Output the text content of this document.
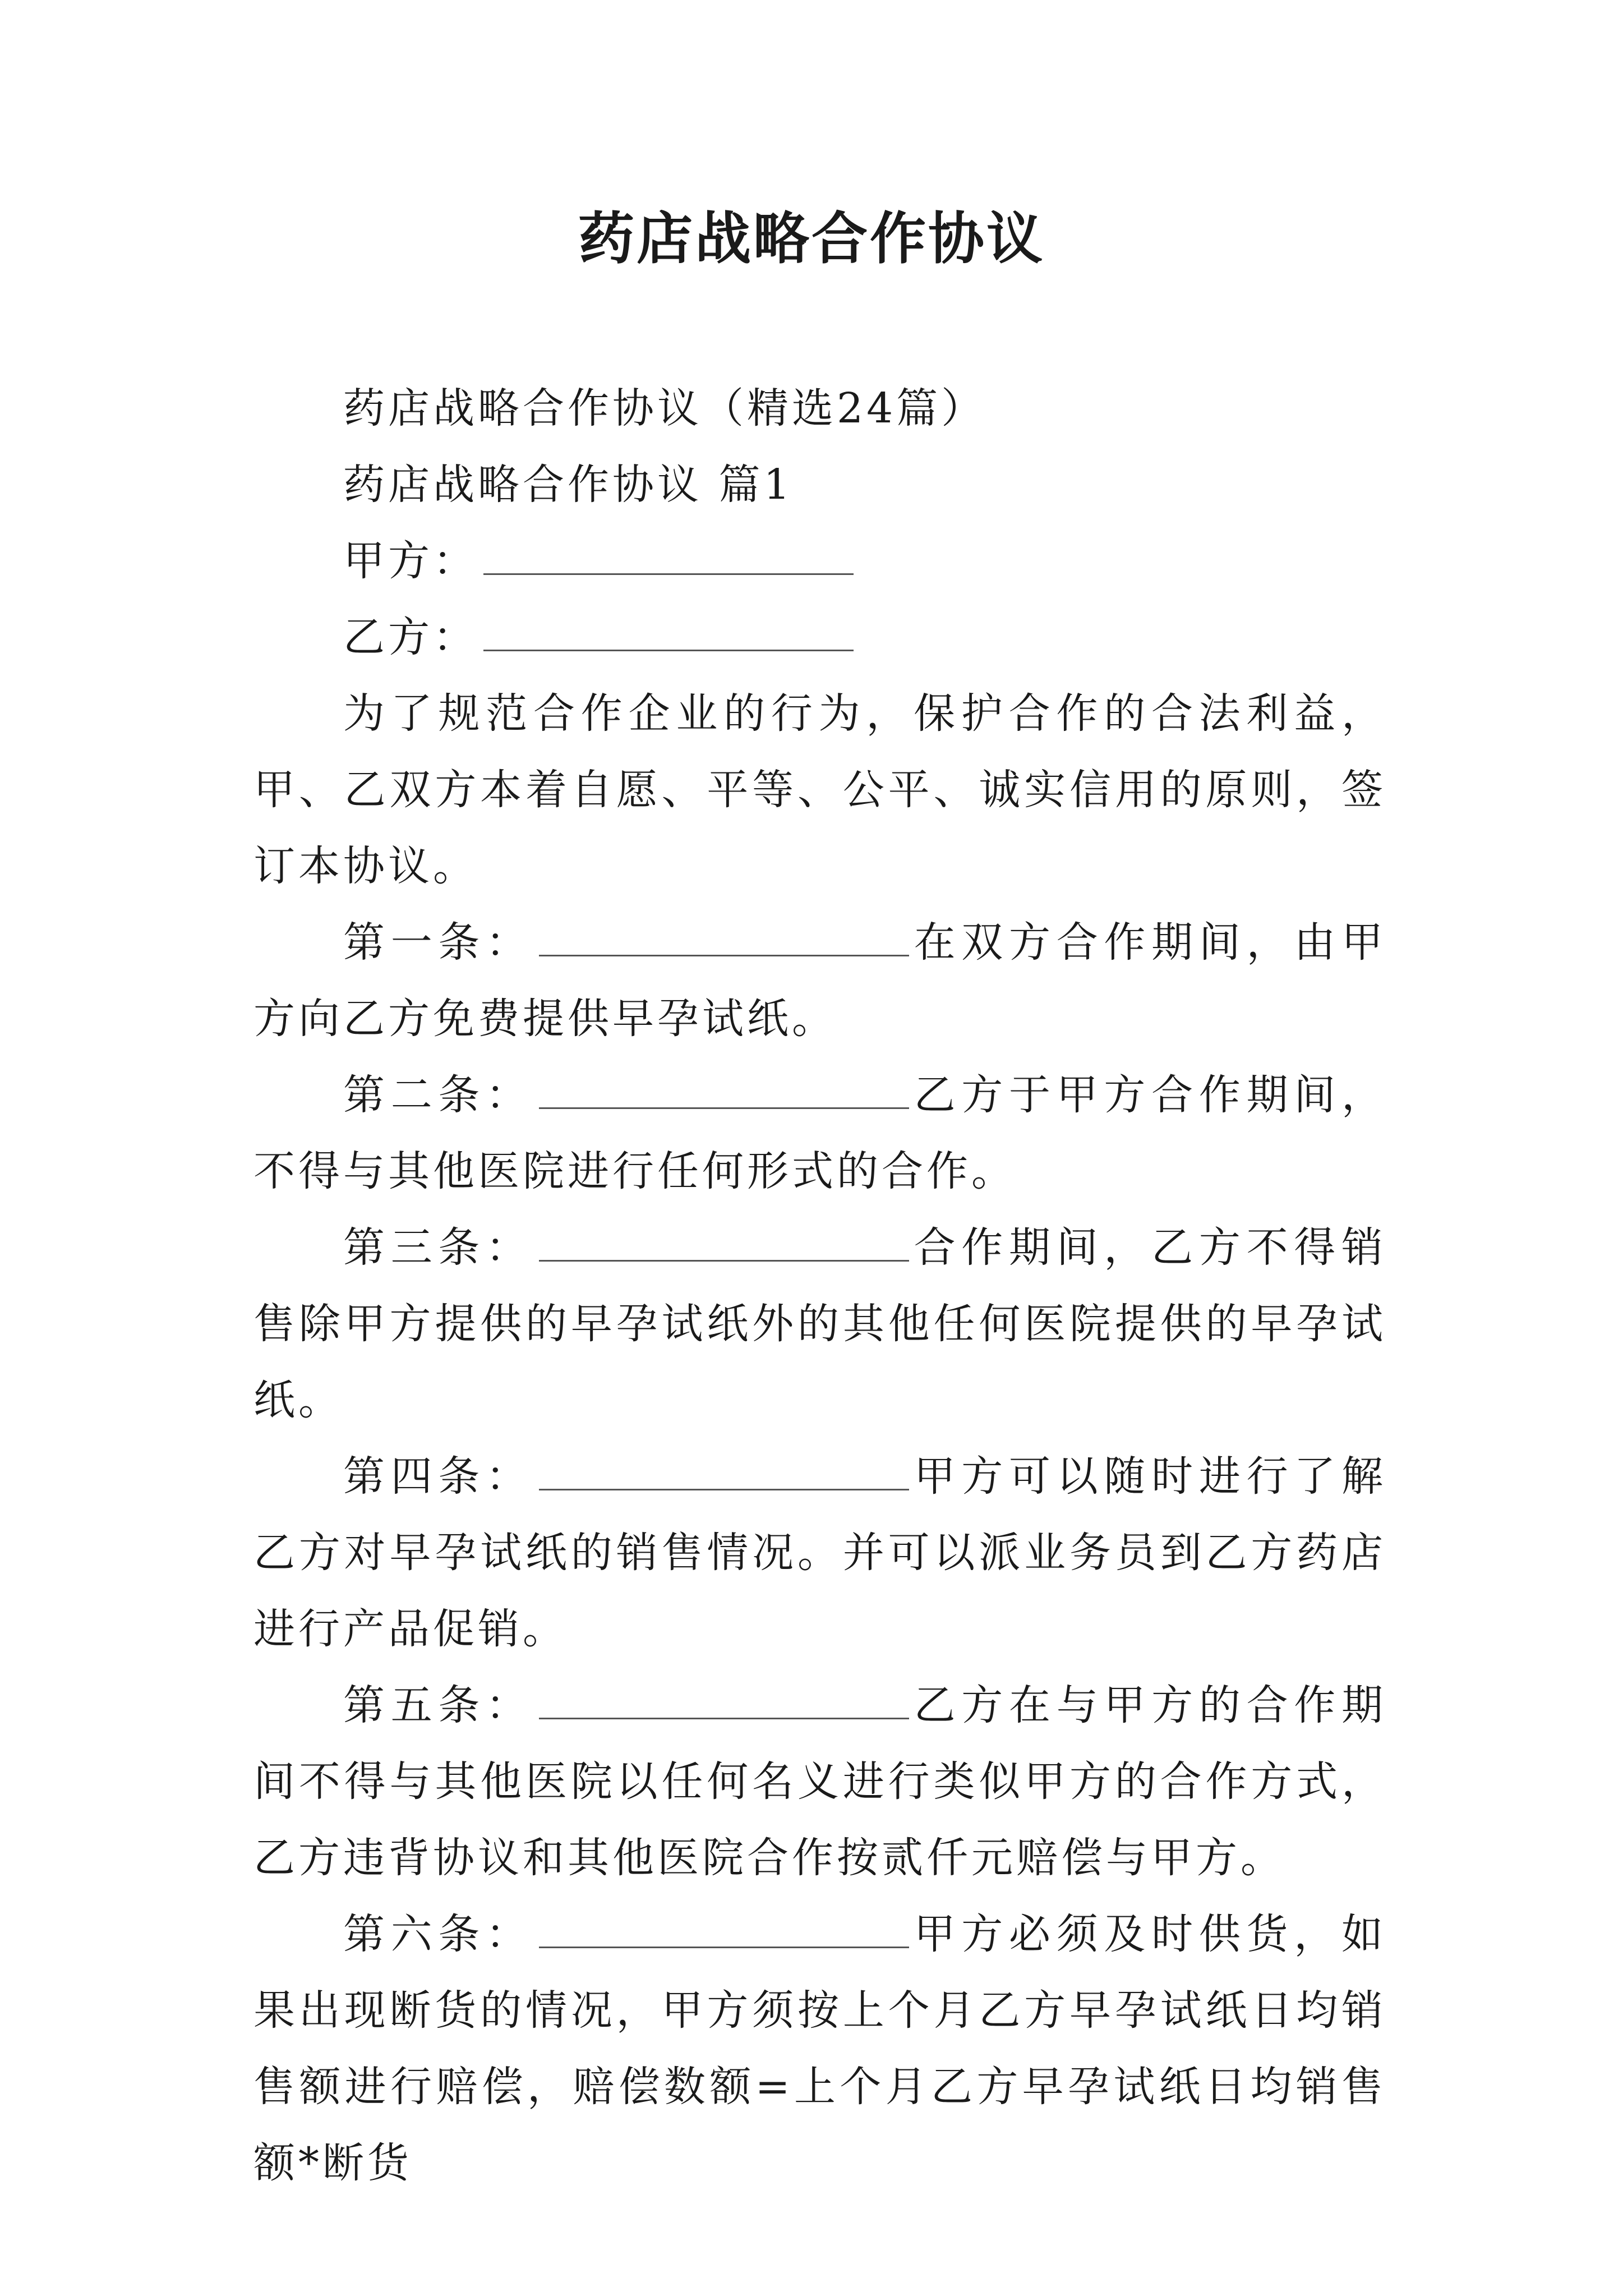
药店战略合作协议

药店战略合作协议（精选24篇）

药店战略合作协议 篇1

甲方：

乙方：

为了规范合作企业的行为，保护合作的合法利益，甲、乙双方本着自愿、平等、公平、诚实信用的原则，签订本协议。

第一条：	在双方合作期间，由甲方向乙方免费提供早孕试纸。

第二条：	乙方于甲方合作期间，不得与其他医院进行任何形式的合作。

第三条：	合作期间，乙方不得销售除甲方提供的早孕试纸外的其他任何医院提供的早孕试纸。

第四条：	甲方可以随时进行了解乙方对早孕试纸的销售情况。并可以派业务员到乙方药店进行产品促销。

第五条：	乙方在与甲方的合作期间不得与其他医院以任何名义进行类似甲方的合作方式，乙方违背协议和其他医院合作按贰仟元赔偿与甲方。

第六条：	甲方必须及时供货，如果出现断货的情况，甲方须按上个月乙方早孕试纸日均销售额进行赔偿，赔偿数额=上个月乙方早孕试纸日均销售额*断货
